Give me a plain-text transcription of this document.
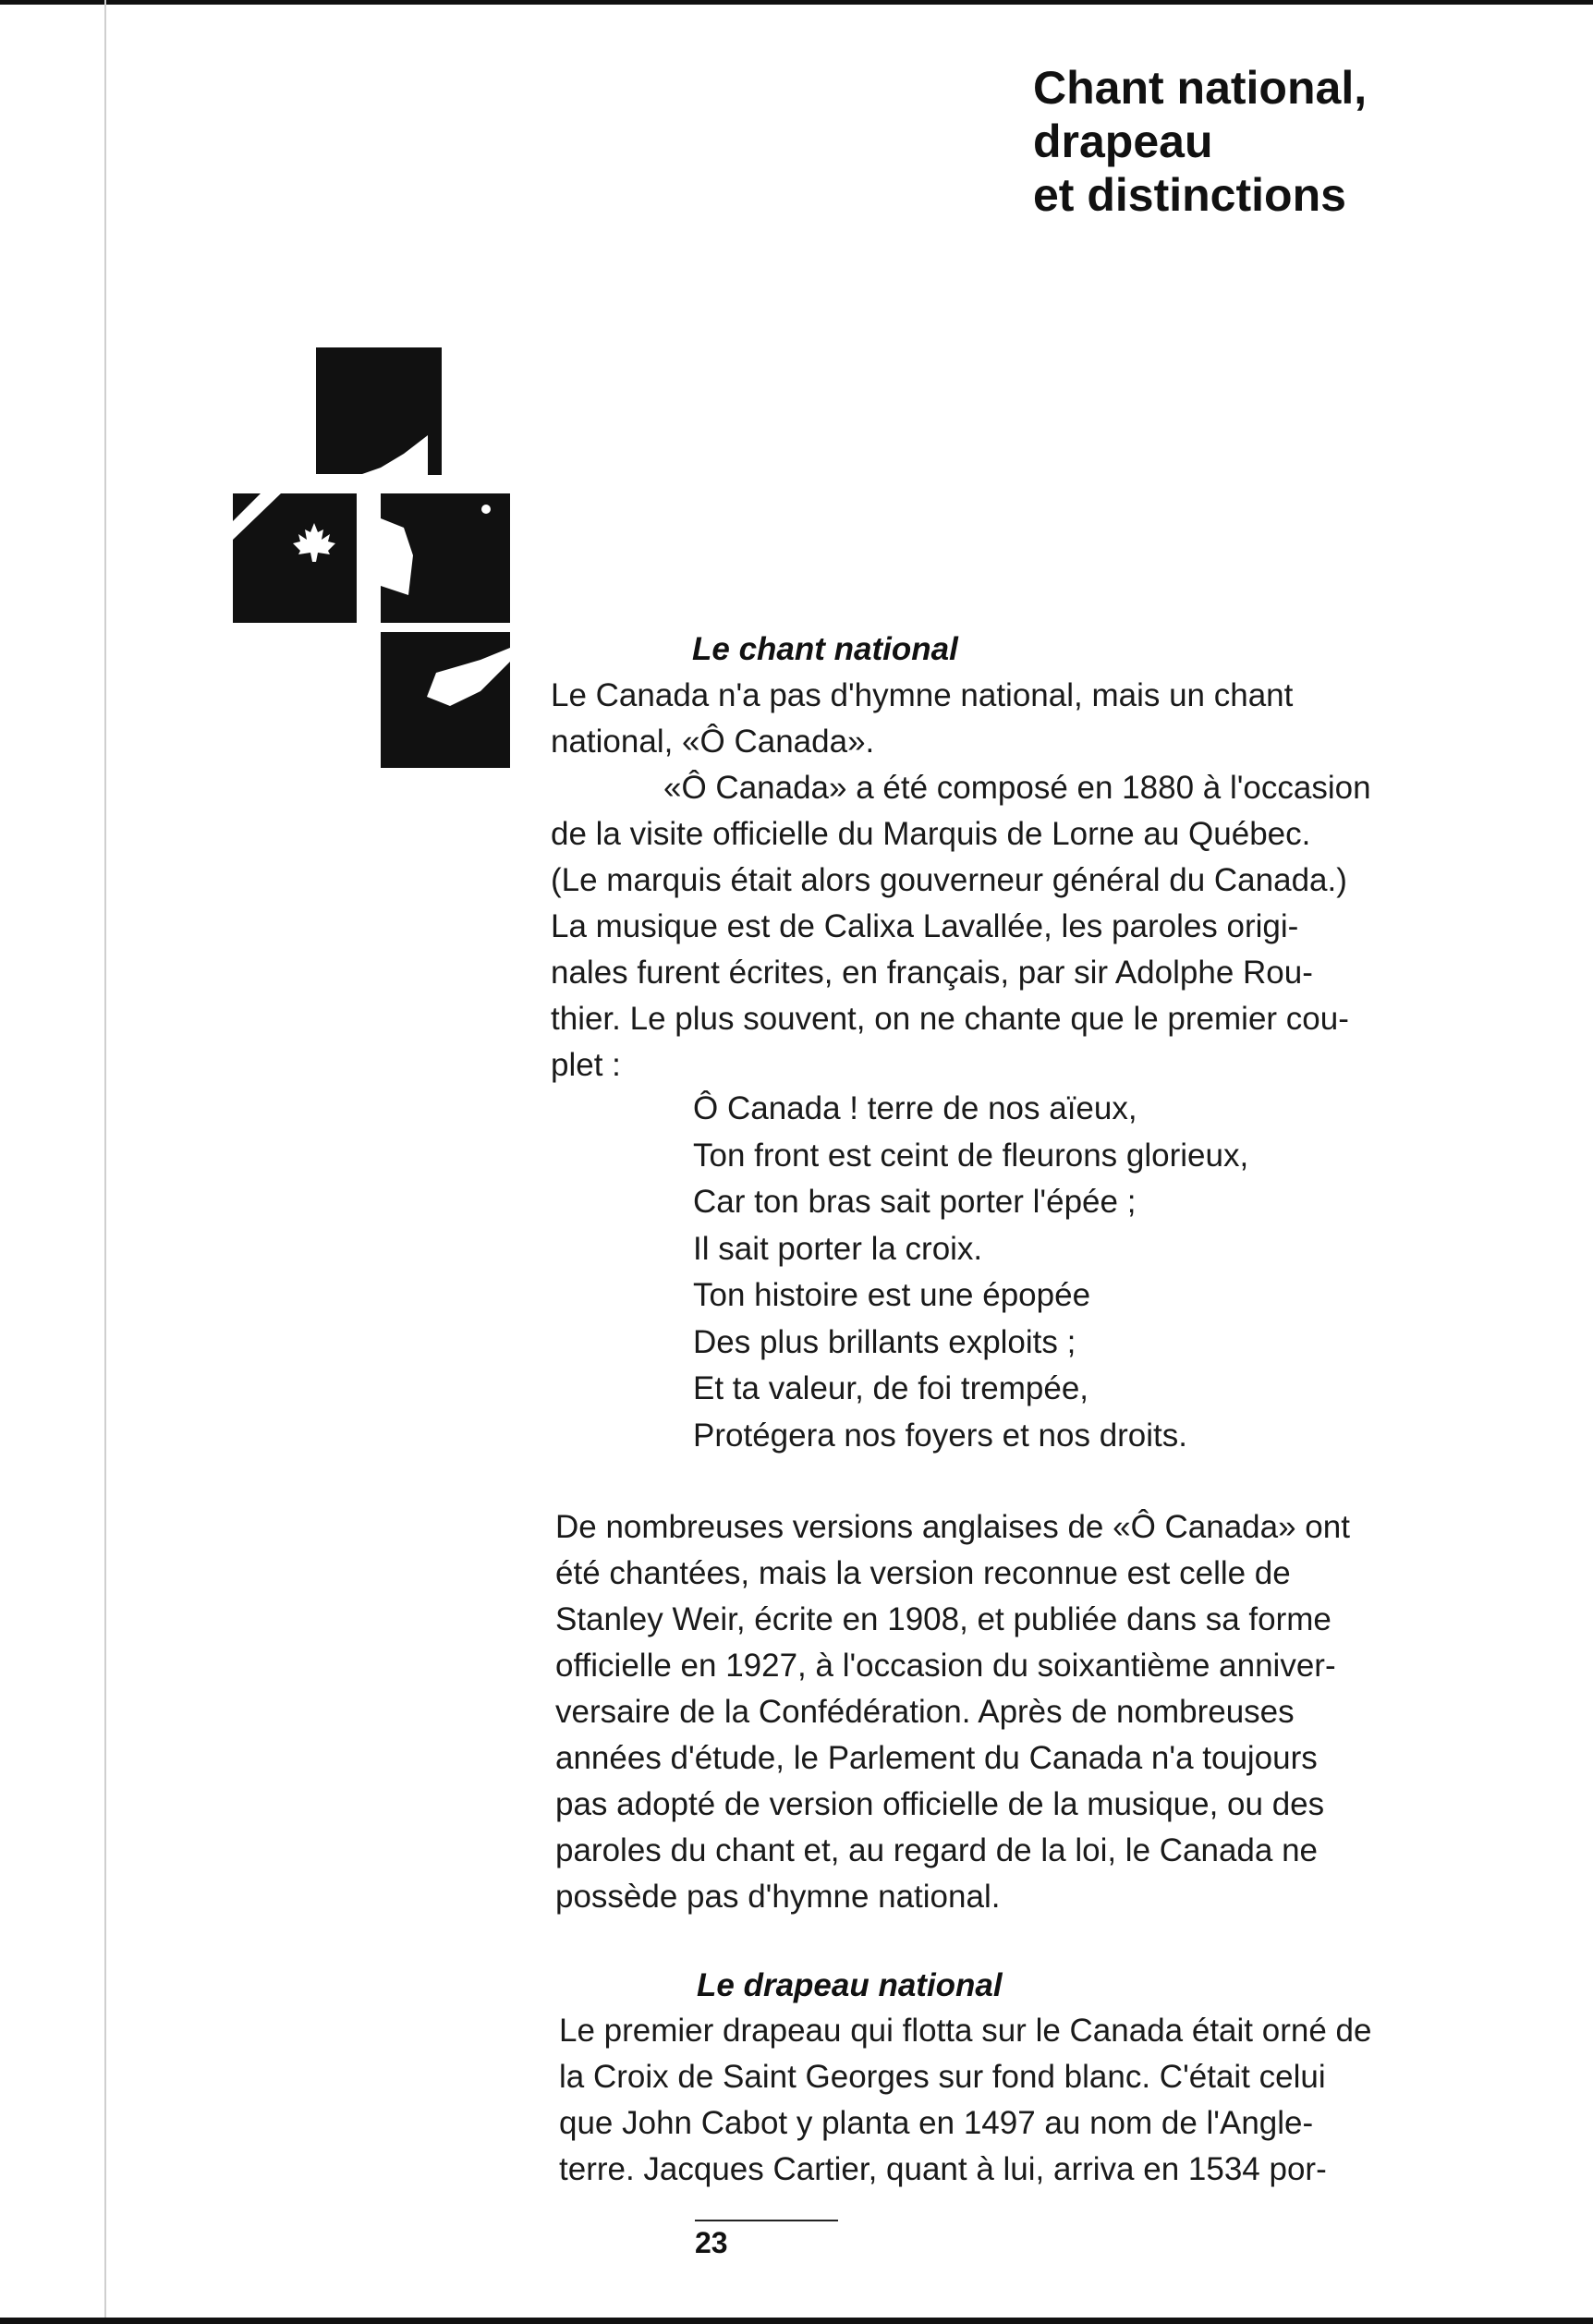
Chant national,
drapeau
et distinctions
Le chant national

Le Canada n'a pas d'hymne national, mais un chant
national, «Ô Canada».

«Ô Canada» a été composé en 1880 à l'occasion
de la visite officielle du Marquis de Lorne au Québec.
(Le marquis était alors gouverneur général du Canada.)
La musique est de Calixa Lavallée, les paroles origi-
nales furent écrites, en français, par sir Adolphe Rou-
thier. Le plus souvent, on ne chante que le premier cou-
plet :

Ô Canada ! terre de nos aïeux,
Ton front est ceint de fleurons glorieux,
Car ton bras sait porter l'épée ;
Il sait porter la croix.
Ton histoire est une épopée
Des plus brillants exploits ;
Et ta valeur, de foi trempée,
Protégera nos foyers et nos droits.

De nombreuses versions anglaises de «Ô Canada» ont
été chantées, mais la version reconnue est celle de
Stanley Weir, écrite en 1908, et publiée dans sa forme
officielle en 1927, à l'occasion du soixantième anniver-
versaire de la Confédération. Après de nombreuses
années d'étude, le Parlement du Canada n'a toujours
pas adopté de version officielle de la musique, ou des
paroles du chant et, au regard de la loi, le Canada ne
possède pas d'hymne national.

Le drapeau national

Le premier drapeau qui flotta sur le Canada était orné de
la Croix de Saint Georges sur fond blanc. C'était celui
que John Cabot y planta en 1497 au nom de l'Angle-
terre. Jacques Cartier, quant à lui, arriva en 1534 por-

23
